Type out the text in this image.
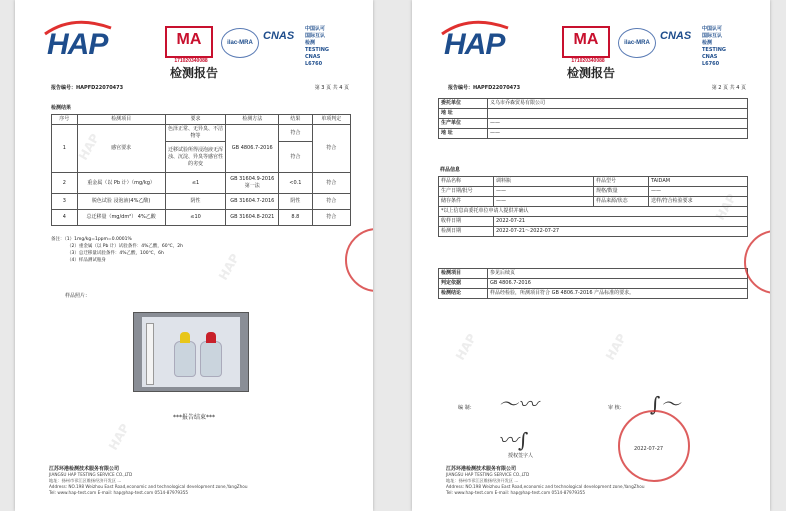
HAP
HAP
HAP
HAP	MA
171020340088
ilac-MRA
CNAS
中国认可
国际互认
检测
TESTING
CNAS L6760
检测报告
报告编号：HAPFD22070473	第 3 页 共 4 页
检测结果
序号	检测项目	要求	检测方法	结果	单项判定
1	感官要求	色泽正常、无异臭、不洁物等	GB 4806.7-2016	符合	符合
		迁移试验所得浸泡液无浑浊、沉淀、异臭等感官性的劣变		符合	
2	重金属（以 Pb 计）（mg/kg）	≤1	GB 31604.9-2016 第一法	<0.1	符合
3	脱色试验 浸泡液(4%乙酸)	阴性	GB 31604.7-2016	阴性	符合
4	总迁移量（mg/dm²） 4%乙酸	≤10	GB 31604.8-2021	8.8	符合
备注：（1）1mg/kg=1ppm=0.0001%
（2）重金属（以 Pb 计）试验条件：4%乙酸，60℃，2h
（3）总迁移量试验条件：4%乙酸，100℃，6h
（4）样品测试瓶身
样品照片：
***报告结束***
江苏环港检测技术服务有限公司
JIANGSU HAP TESTING SERVICE CO.,LTD
地址：扬州市邗江区维扬经济开发区 ...
Address: NO.198 Weizhou East Road,economic and technological development zone,YangZhou
Tel: www.hap-test.com E-mail: hap@hap-test.com 0514-87979355
HAP	HAP
HAP
HAP	MA
171020340088
ilac-MRA
CNAS
中国认可
国际互认
检测
TESTING
CNAS L6760
检测报告
报告编号：HAPFD22070473	第 2 页 共 4 页
委托单位	义乌市乔森贸易有限公司
地 址	
生产单位	——
地 址	——
样品信息
样品名称	调料瓶	样品型号	TAIDAM
生产日期/批号	——	规格/数量	——
储存条件	——	样品来源/状态	送样/符合检验要求
*以上信息由委托单位申请人提供并确认			
收样日期	2022-07-21		
检测日期	2022-07-21～2022-07-27		
检测项目	参见后续页
判定依据	GB 4806.7-2016
检测结论	样品经检验，所测项目符合 GB 4806.7-2016 产品标准的要求。
编 制： 〜〰	审 核： ∫〜
〰∫
授权签字人
2022-07-27
江苏环港检测技术服务有限公司
JIANGSU HAP TESTING SERVICE CO.,LTD
地址：扬州市邗江区维扬经济开发区 ...
Address: NO.198 Weizhou East Road,economic and technological development zone,YangZhou
Tel: www.hap-test.com E-mail: hap@hap-test.com 0514-87979355
